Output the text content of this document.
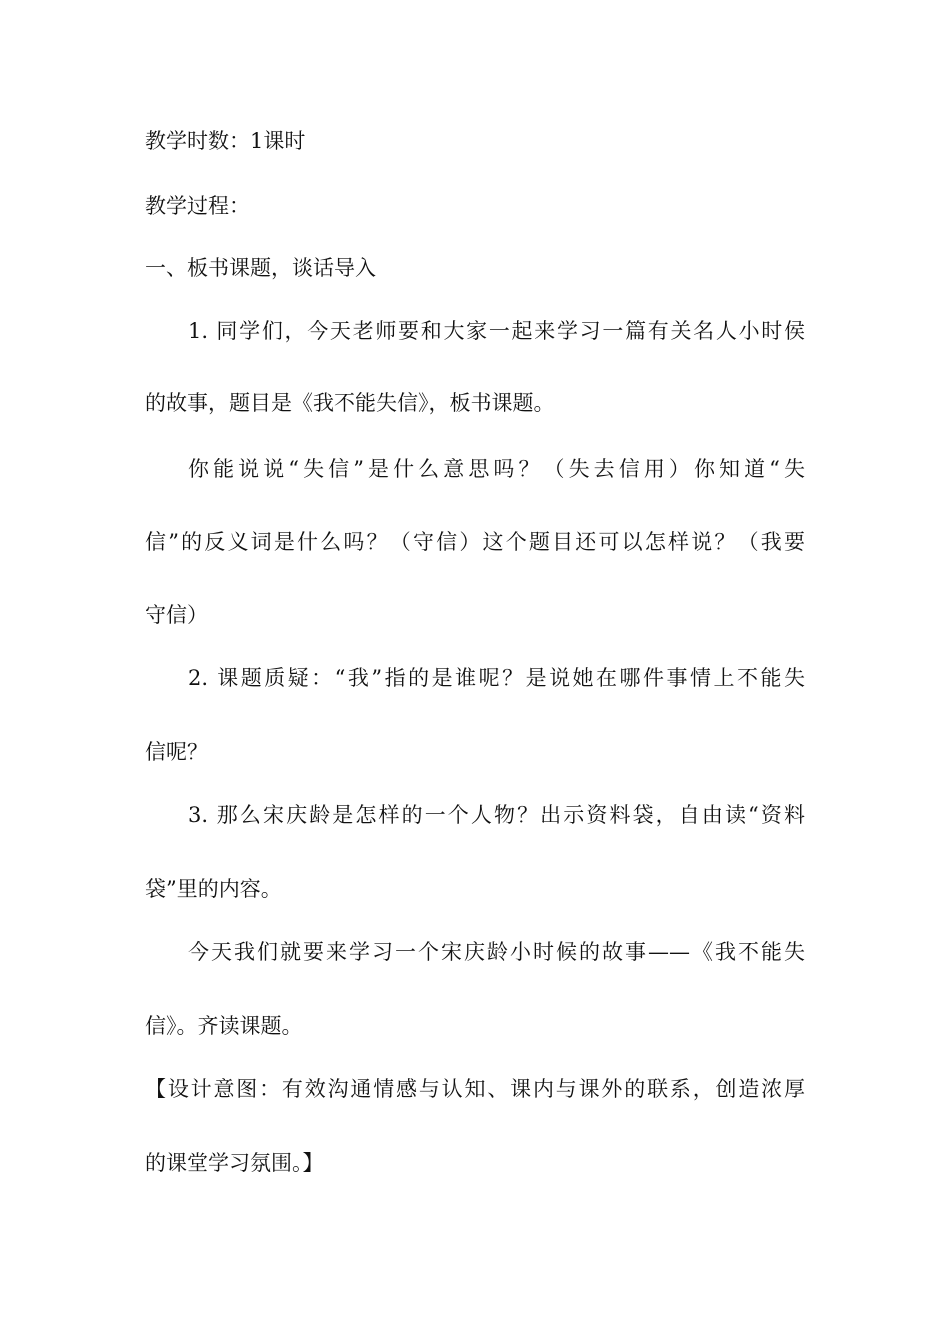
教学时数：1课时
教学过程：
一、板书课题，谈话导入
1. 同学们，今天老师要和大家一起来学习一篇有关名人小时侯
的故事，题目是《我不能失信》，板书课题。
你能说说“失信”是什么意思吗？（失去信用）你知道“失
信”的反义词是什么吗？（守信）这个题目还可以怎样说？（我要
守信）
2. 课题质疑：“我”指的是谁呢？是说她在哪件事情上不能失
信呢？
3. 那么宋庆龄是怎样的一个人物？出示资料袋，自由读“资料
袋”里的内容。
今天我们就要来学习一个宋庆龄小时候的故事——《我不能失
信》。齐读课题。
【设计意图：有效沟通情感与认知、课内与课外的联系，创造浓厚
的课堂学习氛围。】
